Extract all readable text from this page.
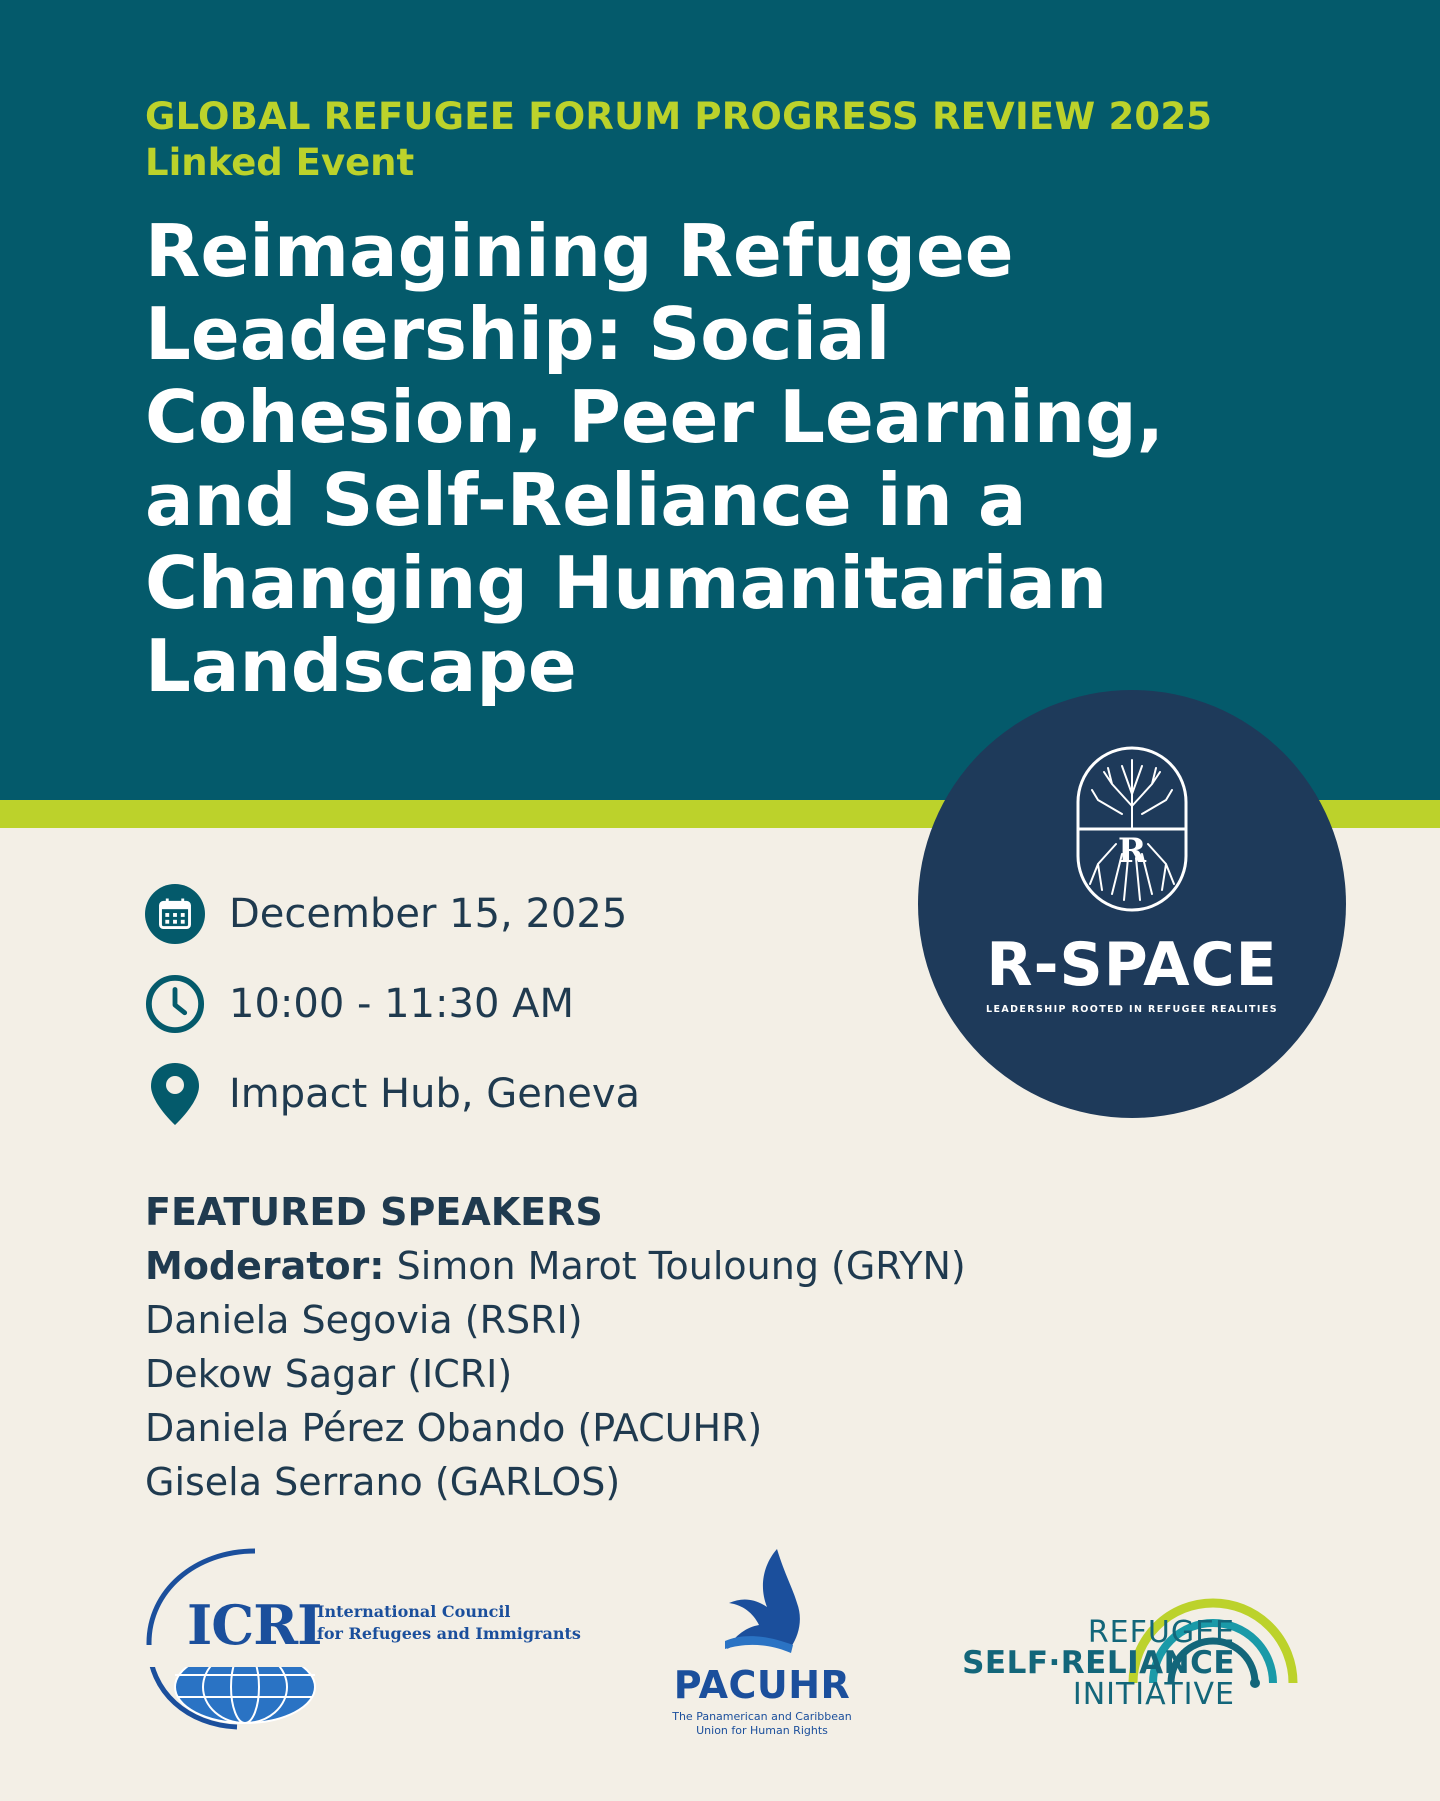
GLOBAL REFUGEE FORUM PROGRESS REVIEW 2025
Linked Event
Reimagining Refugee
Leadership: Social
Cohesion, Peer Learning,
and Self-Reliance in a
Changing Humanitarian
Landscape
R
R-SPACE
LEADERSHIP ROOTED IN REFUGEE REALITIES
December 15, 2025
10:00 - 11:30 AM
Impact Hub, Geneva
FEATURED SPEAKERS
Moderator: Simon Marot Touloung (GRYN)
Daniela Segovia (RSRI)
Dekow Sagar (ICRI)
Daniela Pérez Obando (PACUHR)
Gisela Serrano (GARLOS)
ICRI
International Council
for Refugees and Immigrants
PACUHR
The Panamerican and Caribbean
Union for Human Rights
REFUGEE
SELF·RELIANCE
INITIATIVE
